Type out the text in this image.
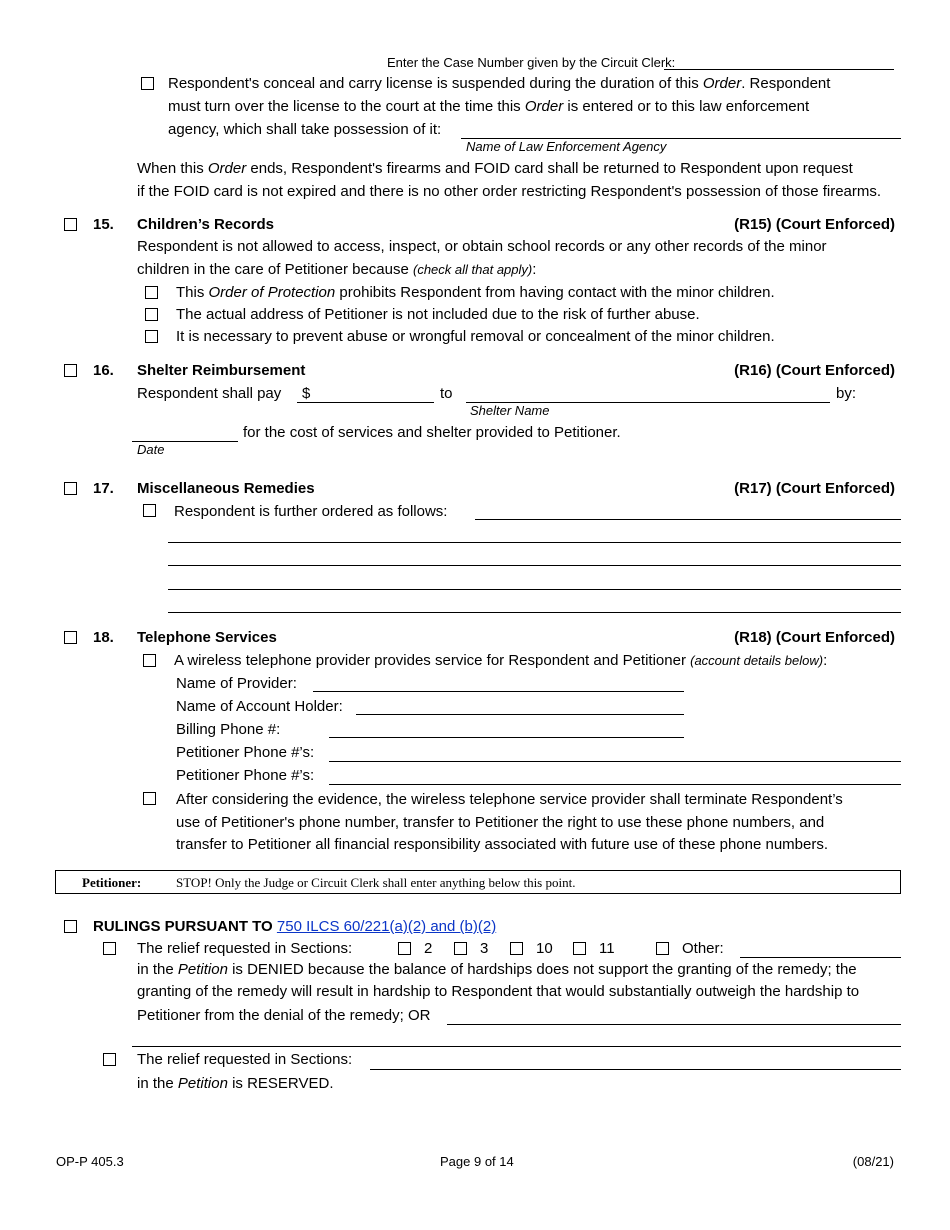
Enter the Case Number given by the Circuit Clerk:
Respondent's conceal and carry license is suspended during the duration of this Order. Respondent
must turn over the license to the court at the time this Order is entered or to this law enforcement
agency, which shall take possession of it:
Name of Law Enforcement Agency
When this Order ends, Respondent's firearms and FOID card shall be returned to Respondent upon request
if the FOID card is not expired and there is no other order restricting Respondent's possession of those firearms.
15. Children’s Records	(R15) (Court Enforced)
Respondent is not allowed to access, inspect, or obtain school records or any other records of the minor
children in the care of Petitioner because (check all that apply):
This Order of Protection prohibits Respondent from having contact with the minor children.
The actual address of Petitioner is not included due to the risk of further abuse.
It is necessary to prevent abuse or wrongful removal or concealment of the minor children.
16. Shelter Reimbursement	(R16) (Court Enforced)
Respondent shall pay $	to	by:
Shelter Name
for the cost of services and shelter provided to Petitioner.
Date
17. Miscellaneous Remedies	(R17) (Court Enforced)
Respondent is further ordered as follows:
18. Telephone Services	(R18) (Court Enforced)
A wireless telephone provider provides service for Respondent and Petitioner (account details below):
Name of Provider:
Name of Account Holder:
Billing Phone #:
Petitioner Phone #’s:
Petitioner Phone #’s:
After considering the evidence, the wireless telephone service provider shall terminate Respondent’s
use of Petitioner's phone number, transfer to Petitioner the right to use these phone numbers, and
transfer to Petitioner all financial responsibility associated with future use of these phone numbers.
Petitioner:	STOP! Only the Judge or Circuit Clerk shall enter anything below this point.
RULINGS PURSUANT TO 750 ILCS 60/221(a)(2) and (b)(2)
The relief requested in Sections:	2	3	10	11	Other:
in the Petition is DENIED because the balance of hardships does not support the granting of the remedy; the
granting of the remedy will result in hardship to Respondent that would substantially outweigh the hardship to
Petitioner from the denial of the remedy; OR
The relief requested in Sections:
in the Petition is RESERVED.
OP-P 405.3	Page 9 of 14	(08/21)
